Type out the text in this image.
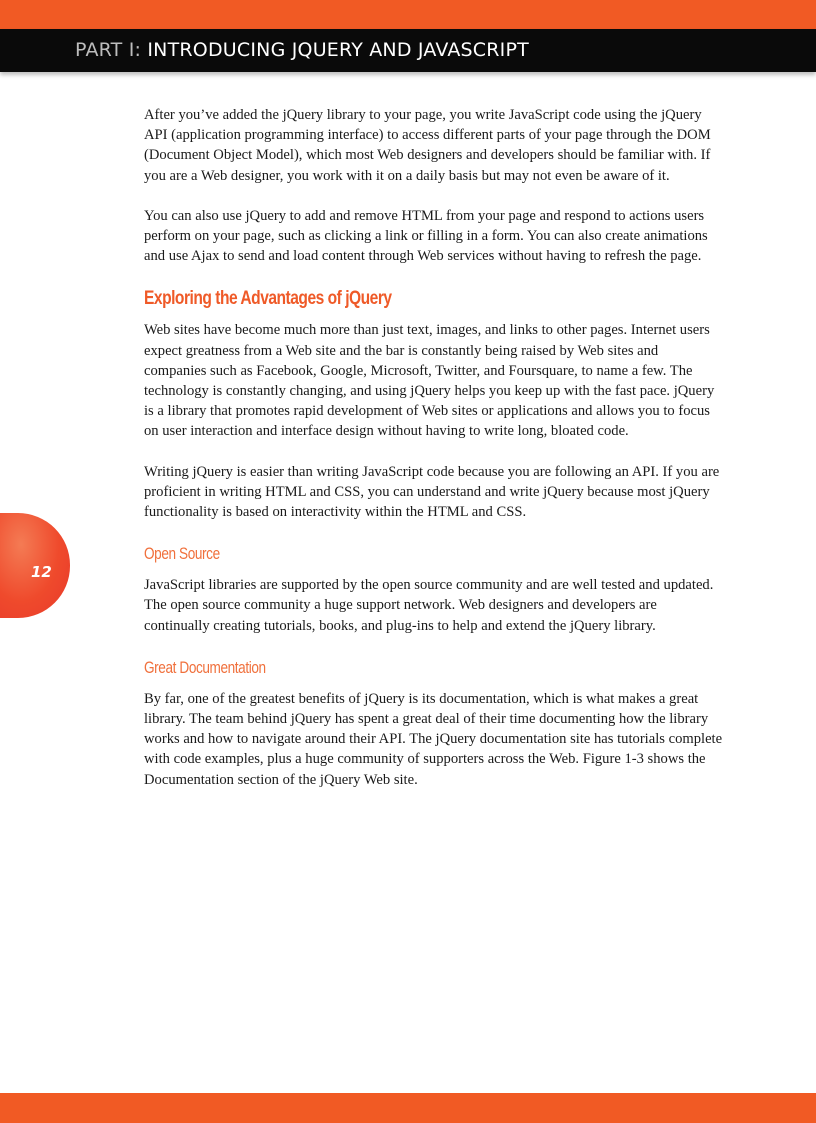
PART I: INTRODUCING JQUERY AND JAVASCRIPT
12

After you’ve added the jQuery library to your page, you write JavaScript code using the jQuery API (application programming interface) to access different parts of your page through the DOM (Document Object Model), which most Web designers and developers should be familiar with. If you are a Web designer, you work with it on a daily basis but may not even be aware of it.

You can also use jQuery to add and remove HTML from your page and respond to actions users perform on your page, such as clicking a link or filling in a form. You can also create animations and use Ajax to send and load content through Web services without having to refresh the page.

Exploring the Advantages of jQuery

Web sites have become much more than just text, images, and links to other pages. Internet users expect greatness from a Web site and the bar is constantly being raised by Web sites and companies such as Facebook, Google, Microsoft, Twitter, and Foursquare, to name a few. The technology is constantly changing, and using jQuery helps you keep up with the fast pace. jQuery is a library that promotes rapid development of Web sites or applications and allows you to focus on user interaction and interface design without having to write long, bloated code.

Writing jQuery is easier than writing JavaScript code because you are following an API. If you are proficient in writing HTML and CSS, you can understand and write jQuery because most jQuery functionality is based on interactivity within the HTML and CSS.

Open Source

JavaScript libraries are supported by the open source community and are well tested and updated. The open source community a huge support network. Web designers and developers are continually creating tutorials, books, and plug-ins to help and extend the jQuery library.

Great Documentation

By far, one of the greatest benefits of jQuery is its documentation, which is what makes a great library. The team behind jQuery has spent a great deal of their time documenting how the library works and how to navigate around their API. The jQuery documentation site has tutorials complete with code examples, plus a huge community of supporters across the Web. Figure 1-3 shows the Documentation section of the jQuery Web site.
